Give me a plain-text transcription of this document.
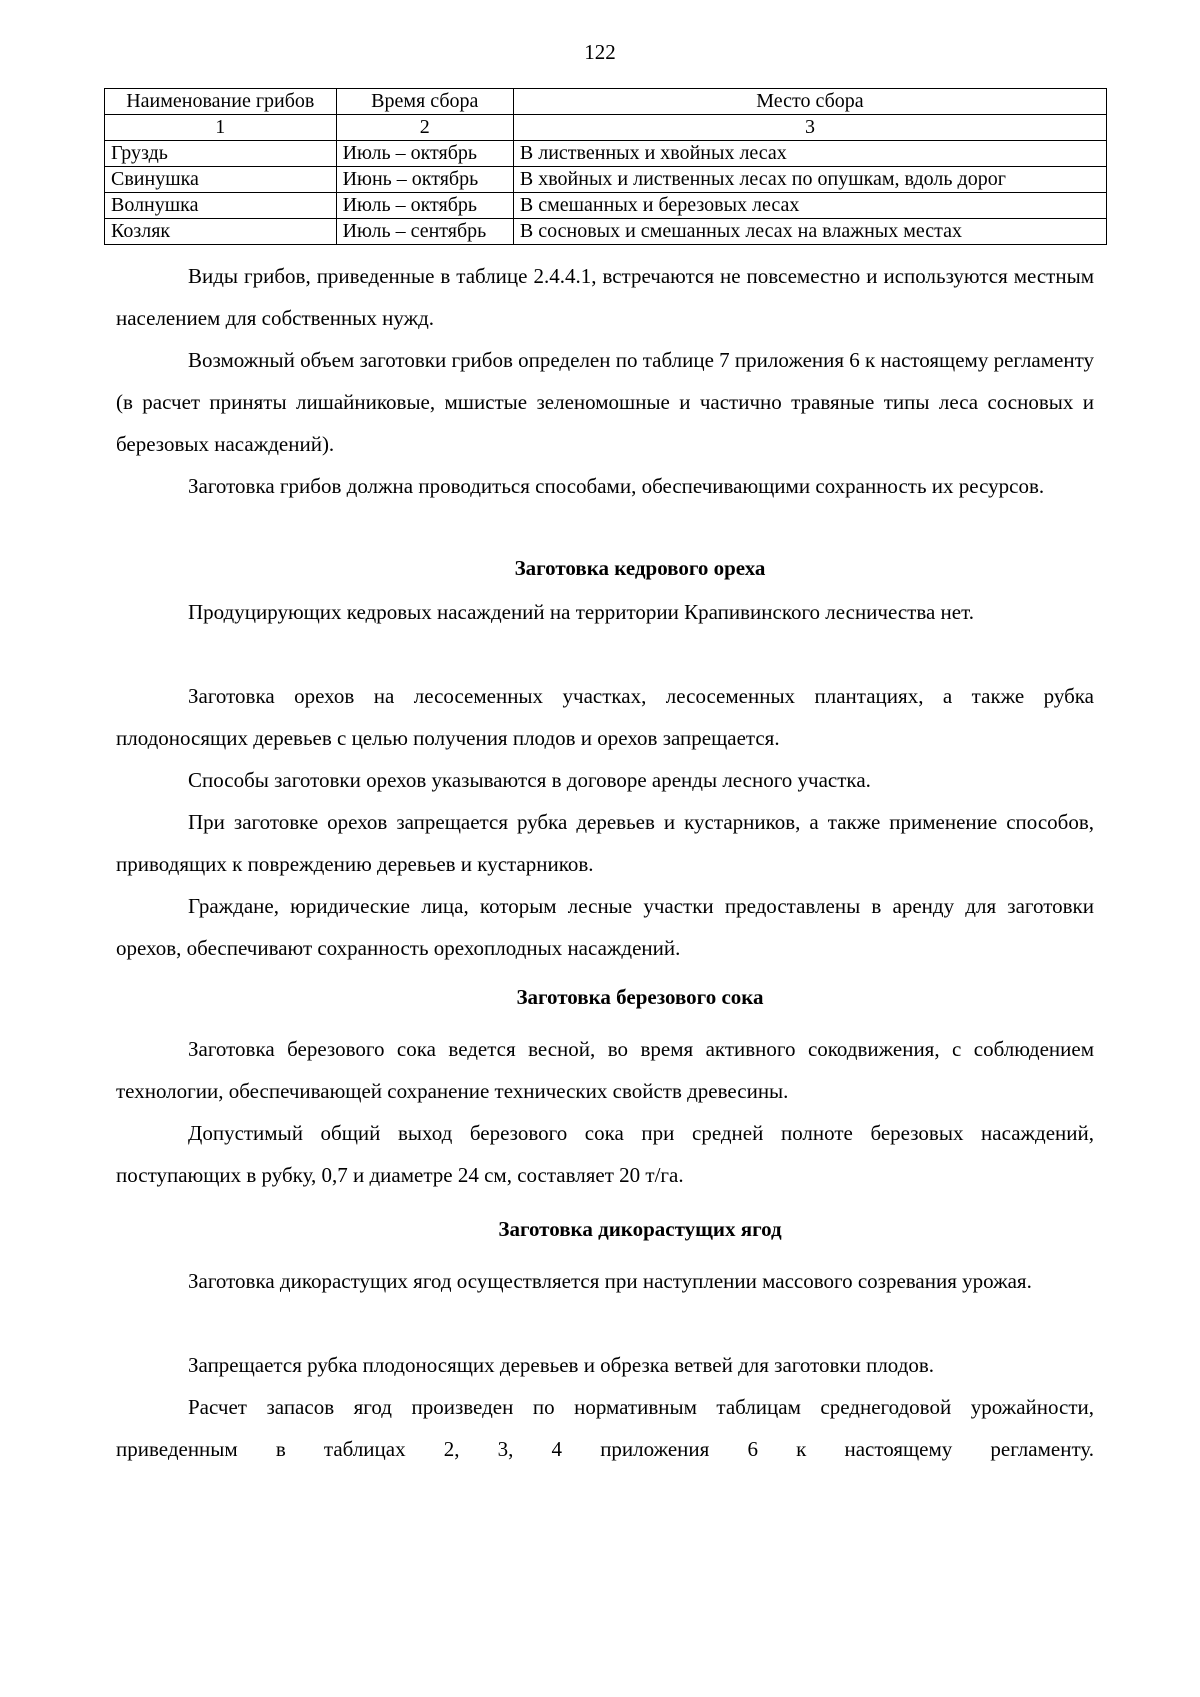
122
Наименование грибов	Время сбора	Место сбора
1	2	3
Груздь	Июль – октябрь	В лиственных и хвойных лесах
Свинушка	Июнь – октябрь	В хвойных и лиственных лесах по опушкам, вдоль дорог
Волнушка	Июль – октябрь	В смешанных и березовых лесах
Козляк	Июль – сентябрь	В сосновых и смешанных лесах на влажных местах

Виды грибов, приведенные в таблице 2.4.4.1, встречаются не повсеместно и используются местным населением для собственных нужд.

Возможный объем заготовки грибов определен по таблице 7 приложения 6 к настоящему регламенту (в расчет приняты лишайниковые, мшистые зеленомошные и частично травяные типы леса сосновых и березовых насаждений).

Заготовка грибов должна проводиться способами, обеспечивающими сохранность их ресурсов.

Заготовка кедрового ореха

Продуцирующих кедровых насаждений на территории Крапивинского лесничества нет.

Заготовка орехов на лесосеменных участках, лесосеменных плантациях, а также рубка плодоносящих деревьев с целью получения плодов и орехов запрещается.

Способы заготовки орехов указываются в договоре аренды лесного участка.

При заготовке орехов запрещается рубка деревьев и кустарников, а также применение способов, приводящих к повреждению деревьев и кустарников.

Граждане, юридические лица, которым лесные участки предоставлены в аренду для заготовки орехов, обеспечивают сохранность орехоплодных насаждений.

Заготовка березового сока

Заготовка березового сока ведется весной, во время активного сокодвижения, с соблюдением технологии, обеспечивающей сохранение технических свойств древесины.

Допустимый общий выход березового сока при средней полноте березовых насаждений, поступающих в рубку, 0,7 и диаметре 24 см, составляет 20 т/га.

Заготовка дикорастущих ягод

Заготовка дикорастущих ягод осуществляется при наступлении массового созревания урожая.

Запрещается рубка плодоносящих деревьев и обрезка ветвей для заготовки плодов.

Расчет запасов ягод произведен по нормативным таблицам среднегодовой урожайности, приведенным в таблицах 2, 3, 4 приложения 6 к настоящему регламенту.
